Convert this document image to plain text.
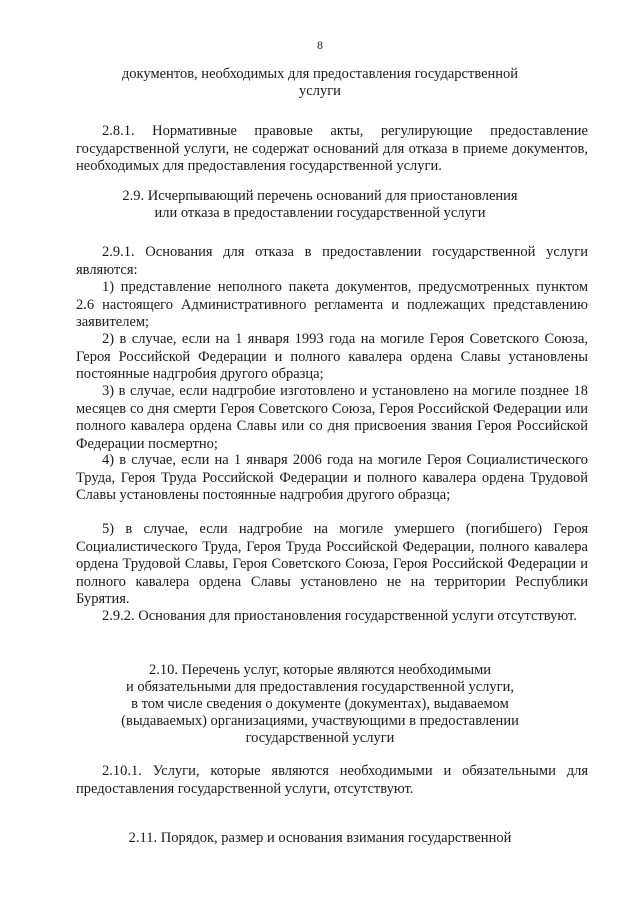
8
документов, необходимых для предоставления государственной
услуги
2.8.1. Нормативные правовые акты, регулирующие предоставление государственной услуги, не содержат оснований для отказа в приеме документов, необходимых для предоставления государственной услуги.
2.9. Исчерпывающий перечень оснований для приостановления
или отказа в предоставлении государственной услуги
2.9.1. Основания для отказа в предоставлении государственной услуги являются:
1) представление неполного пакета документов, предусмотренных пунктом 2.6 настоящего Административного регламента и подлежащих представлению заявителем;
2) в случае, если на 1 января 1993 года на могиле Героя Советского Союза, Героя Российской Федерации и полного кавалера ордена Славы установлены постоянные надгробия другого образца;
3) в случае, если надгробие изготовлено и установлено на могиле позднее 18 месяцев со дня смерти Героя Советского Союза, Героя Российской Федерации или полного кавалера ордена Славы или со дня присвоения звания Героя Российской Федерации посмертно;
4) в случае, если на 1 января 2006 года на могиле Героя Социалистического Труда, Героя Труда Российской Федерации и полного кавалера ордена Трудовой Славы установлены постоянные надгробия другого образца;
5) в случае, если надгробие на могиле умершего (погибшего) Героя Социалистического Труда, Героя Труда Российской Федерации, полного кавалера ордена Трудовой Славы, Героя Советского Союза, Героя Российской Федерации и полного кавалера ордена Славы установлено не на территории Республики Бурятия.
2.9.2. Основания для приостановления государственной услуги отсутствуют.
2.10. Перечень услуг, которые являются необходимыми
и обязательными для предоставления государственной услуги,
в том числе сведения о документе (документах), выдаваемом
(выдаваемых) организациями, участвующими в предоставлении
государственной услуги
2.10.1. Услуги, которые являются необходимыми и обязательными для предоставления государственной услуги, отсутствуют.
2.11. Порядок, размер и основания взимания государственной
